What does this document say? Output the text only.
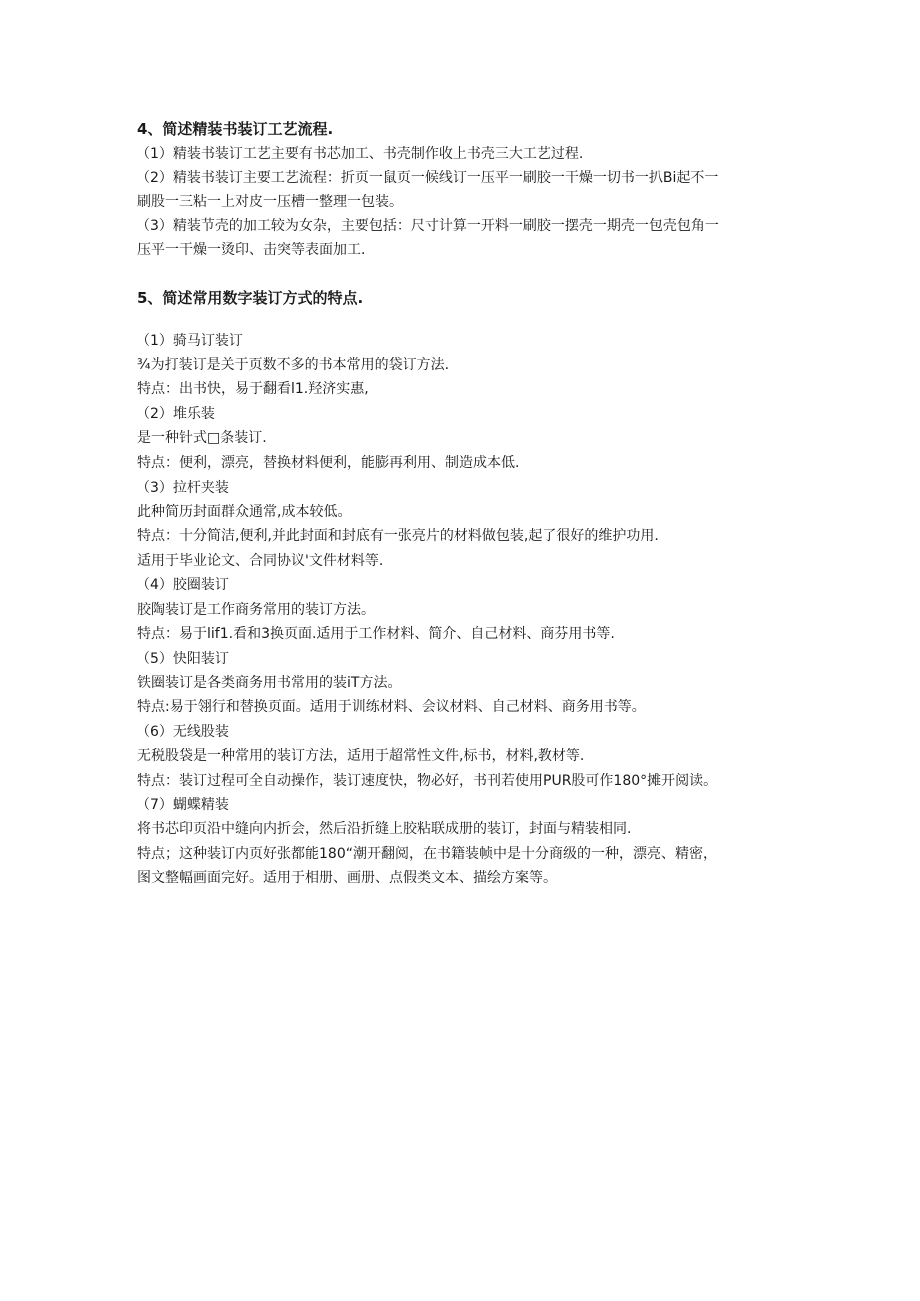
4、简述精装书装订工艺流程.

（1）精装书装订工艺主要有书芯加工、书壳制作收上书壳三大工艺过程.

（2）精装书装订主要工艺流程：折页一鼠页一候线订一压平一刷胶一干燥一切书一扒Bi起不一

刷股一三粘一上对皮一压槽一整理一包装。

（3）精装节壳的加工较为女杂，主要包括：尺寸计算一开料一刷胶一摆壳一期壳一包壳包角一

压平一干燥一烫印、击突等表面加工.

5、简述常用数字装订方式的特点.

（1）骑马订装订

¾为打装订是关于页数不多的书本常用的袋订方法.

特点：出书快，易于翻看l1.羟济实惠,

（2）堆乐装

是一种针式□条装订.

特点：便利，漂亮，替换材料便利，能膨再利用、制造成本低.

（3）拉杆夹装

此种简历封面群众通常,成本较低。

特点：十分简洁,便利,并此封面和封底有一张亮片的材料做包装,起了很好的维护功用.

适用于毕业论文、合同协议'文件材料等.

（4）胶圈装订

胶陶装订是工作商务常用的装订方法。

特点：易于lif1.看和3换页面.适用于工作材料、简介、自己材料、商芬用书等.

（5）快阳装订

铁圈装订是各类商务用书常用的装iT方法。

特点:易于翎行和替换页面。适用于训练材料、会议材料、自己材料、商务用书等。

（6）无线股装

无税股袋是一种常用的装订方法，适用于超常性文件,标书，材料,教材等.

特点：装订过程可全自动操作，装订速度快，物必好，书刊若使用PUR股可作180°摊开阅读。

（7）蝴蝶精装

将书芯印页沿中缝向内折会，然后沿折缝上胶粘联成册的装订，封面与精装相同.

特点；这种装订内页好张都能180“潮开翻阅，在书籍装帧中是十分商级的一种，漂亮、精密，

图文整幅画面完好。适用于相册、画册、点假类文本、描绘方案等。
